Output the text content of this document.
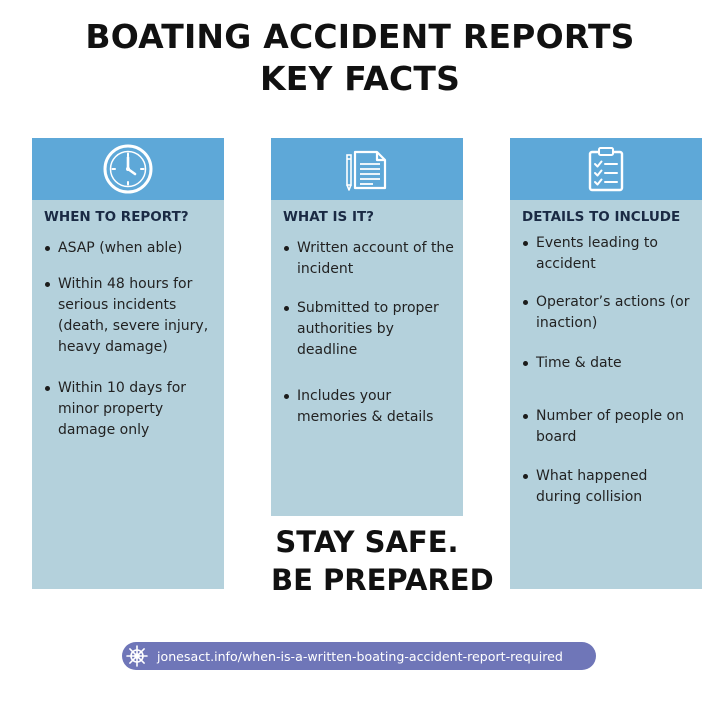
BOATING ACCIDENT REPORTS
KEY FACTS
WHEN TO REPORT?
ASAP (when able)
Within 48 hours for serious incidents (death, severe injury, heavy damage)
Within 10 days for minor property damage only
WHAT IS IT?
Written account of the incident
Submitted to proper authorities by deadline
Includes your memories & details
DETAILS TO INCLUDE
Events leading to accident
Operator’s actions (or inaction)
Time & date
Number of people on board
What happened during collision
STAY SAFE.
BE PREPARED
jonesact.info/when-is-a-written-boating-accident-report-required
